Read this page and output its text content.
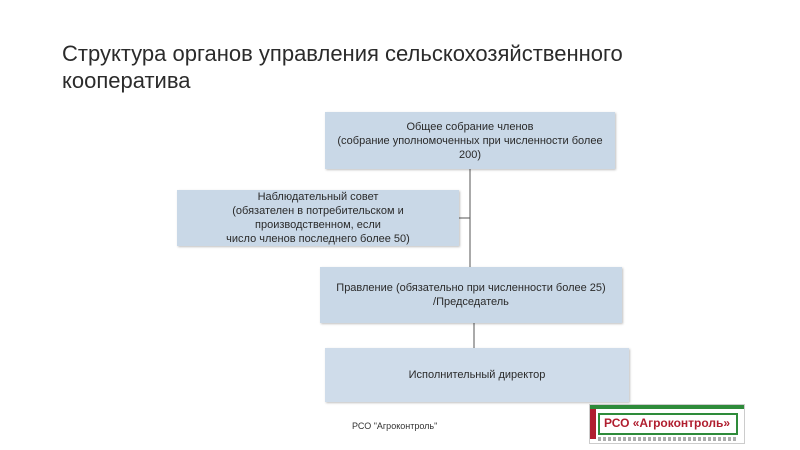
Структура органов управления сельскохозяйственного кооператива
Общее собрание членов
(собрание уполномоченных при численности более
200)
Наблюдательный совет
(обязателен в потребительском и
производственном, если
число членов последнего более 50)
Правление (обязательно при численности более 25)
/Председатель
Исполнительный директор
РСО "Агроконтроль"	РСО «Агроконтроль»
